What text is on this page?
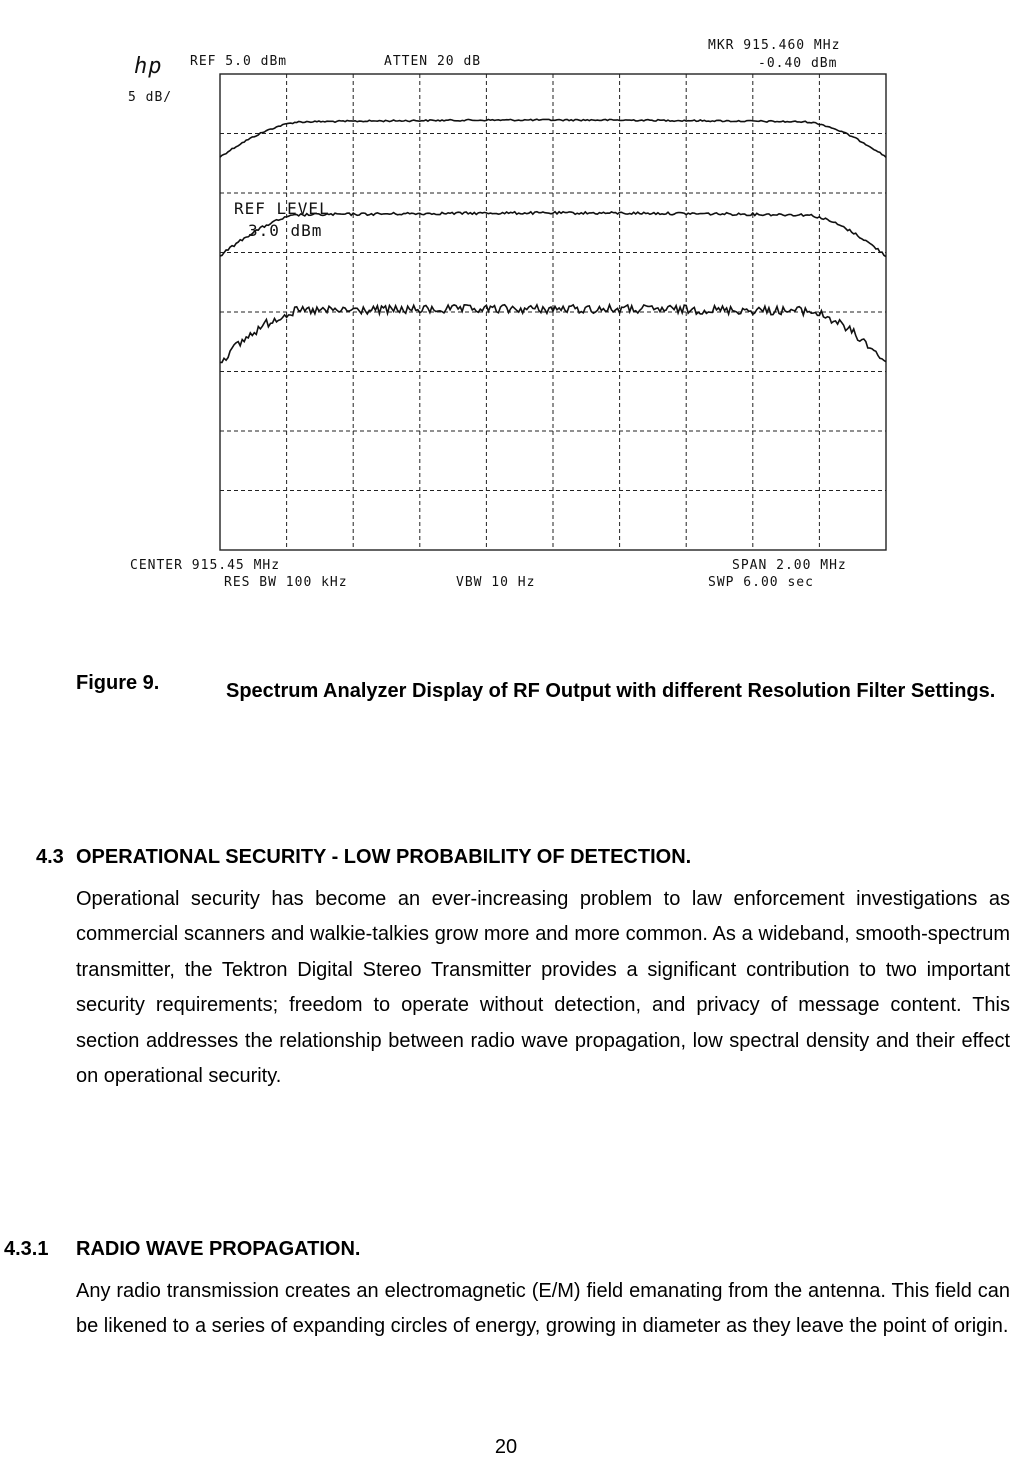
hp REF 5.0 dBm	ATTEN 20 dB
MKR 915.460 MHz
-0.40 dBm
5 dB/
REF LEVEL
3.0 dBm
CENTER 915.45 MHz	SPAN 2.00 MHz
RES BW 100 kHz	VBW 10 Hz	SWP 6.00 sec
Figure 9.	Spectrum Analyzer Display of RF Output with different Resolution Filter Settings.
4.3 OPERATIONAL SECURITY - LOW PROBABILITY OF DETECTION.
Operational security has become an ever-increasing problem to law enforcement investigations as commercial scanners and walkie-talkies grow more and more common. As a wideband, smooth-spectrum transmitter, the Tektron Digital Stereo Transmitter provides a significant contribution to two important security requirements; freedom to operate without detection, and privacy of message content. This section addresses the relationship between radio wave propagation, low spectral density and their effect on operational security.
4.3.1 RADIO WAVE PROPAGATION.
Any radio transmission creates an electromagnetic (E/M) field emanating from the antenna. This field can be likened to a series of expanding circles of energy, growing in diameter as they leave the point of origin.
20
